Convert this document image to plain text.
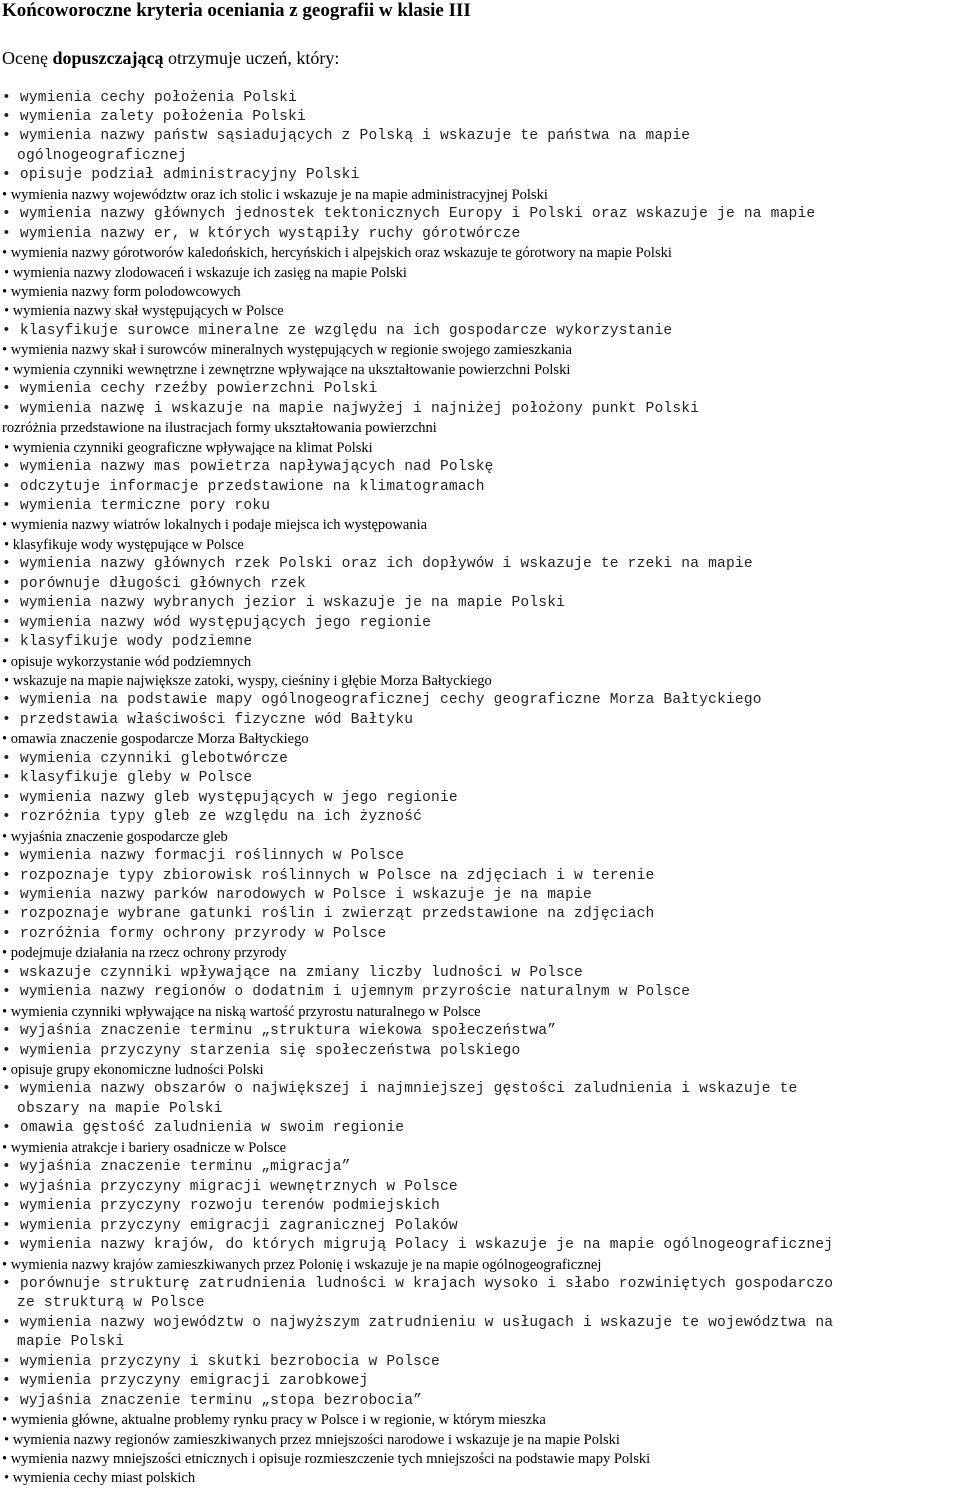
Końcoworoczne kryteria oceniania z geografii w klasie III
Ocenę dopuszczającą otrzymuje uczeń, który:
• wymienia cechy położenia Polski
• wymienia zalety położenia Polski
• wymienia nazwy państw sąsiadujących z Polską i wskazuje te państwa na mapie
ogólnogeograficznej
• opisuje podział administracyjny Polski
• wymienia nazwy województw oraz ich stolic i wskazuje je na mapie administracyjnej Polski
• wymienia nazwy głównych jednostek tektonicznych Europy i Polski oraz wskazuje je na mapie
• wymienia nazwy er, w których wystąpiły ruchy górotwórcze
• wymienia nazwy górotworów kaledońskich, hercyńskich i alpejskich oraz wskazuje te górotwory na mapie Polski
• wymienia nazwy zlodowaceń i wskazuje ich zasięg na mapie Polski
• wymienia nazwy form polodowcowych
• wymienia nazwy skał występujących w Polsce
• klasyfikuje surowce mineralne ze względu na ich gospodarcze wykorzystanie
• wymienia nazwy skał i surowców mineralnych występujących w regionie swojego zamieszkania
• wymienia czynniki wewnętrzne i zewnętrzne wpływające na ukształtowanie powierzchni Polski
• wymienia cechy rzeźby powierzchni Polski
• wymienia nazwę i wskazuje na mapie najwyżej i najniżej położony punkt Polski
rozróżnia przedstawione na ilustracjach formy ukształtowania powierzchni
• wymienia czynniki geograficzne wpływające na klimat Polski
• wymienia nazwy mas powietrza napływających nad Polskę
• odczytuje informacje przedstawione na klimatogramach
• wymienia termiczne pory roku
• wymienia nazwy wiatrów lokalnych i podaje miejsca ich występowania
• klasyfikuje wody występujące w Polsce
• wymienia nazwy głównych rzek Polski oraz ich dopływów i wskazuje te rzeki na mapie
• porównuje długości głównych rzek
• wymienia nazwy wybranych jezior i wskazuje je na mapie Polski
• wymienia nazwy wód występujących jego regionie
• klasyfikuje wody podziemne
• opisuje wykorzystanie wód podziemnych
• wskazuje na mapie największe zatoki, wyspy, cieśniny i głębie Morza Bałtyckiego
• wymienia na podstawie mapy ogólnogeograficznej cechy geograficzne Morza Bałtyckiego
• przedstawia właściwości fizyczne wód Bałtyku
• omawia znaczenie gospodarcze Morza Bałtyckiego
• wymienia czynniki glebotwórcze
• klasyfikuje gleby w Polsce
• wymienia nazwy gleb występujących w jego regionie
• rozróżnia typy gleb ze względu na ich żyzność
• wyjaśnia znaczenie gospodarcze gleb
• wymienia nazwy formacji roślinnych w Polsce
• rozpoznaje typy zbiorowisk roślinnych w Polsce na zdjęciach i w terenie
• wymienia nazwy parków narodowych w Polsce i wskazuje je na mapie
• rozpoznaje wybrane gatunki roślin i zwierząt przedstawione na zdjęciach
• rozróżnia formy ochrony przyrody w Polsce
• podejmuje działania na rzecz ochrony przyrody
• wskazuje czynniki wpływające na zmiany liczby ludności w Polsce
• wymienia nazwy regionów o dodatnim i ujemnym przyroście naturalnym w Polsce
• wymienia czynniki wpływające na niską wartość przyrostu naturalnego w Polsce
• wyjaśnia znaczenie terminu „struktura wiekowa społeczeństwa”
• wymienia przyczyny starzenia się społeczeństwa polskiego
• opisuje grupy ekonomiczne ludności Polski
• wymienia nazwy obszarów o największej i najmniejszej gęstości zaludnienia i wskazuje te
obszary na mapie Polski
• omawia gęstość zaludnienia w swoim regionie
• wymienia atrakcje i bariery osadnicze w Polsce
• wyjaśnia znaczenie terminu „migracja”
• wyjaśnia przyczyny migracji wewnętrznych w Polsce
• wymienia przyczyny rozwoju terenów podmiejskich
• wymienia przyczyny emigracji zagranicznej Polaków
• wymienia nazwy krajów, do których migrują Polacy i wskazuje je na mapie ogólnogeograficznej
• wymienia nazwy krajów zamieszkiwanych przez Polonię i wskazuje je na mapie ogólnogeograficznej
• porównuje strukturę zatrudnienia ludności w krajach wysoko i słabo rozwiniętych gospodarczo
ze strukturą w Polsce
• wymienia nazwy województw o najwyższym zatrudnieniu w usługach i wskazuje te województwa na
mapie Polski
• wymienia przyczyny i skutki bezrobocia w Polsce
• wymienia przyczyny emigracji zarobkowej
• wyjaśnia znaczenie terminu „stopa bezrobocia”
• wymienia główne, aktualne problemy rynku pracy w Polsce i w regionie, w którym mieszka
• wymienia nazwy regionów zamieszkiwanych przez mniejszości narodowe i wskazuje je na mapie Polski
• wymienia nazwy mniejszości etnicznych i opisuje rozmieszczenie tych mniejszości na podstawie mapy Polski
• wymienia cechy miast polskich
